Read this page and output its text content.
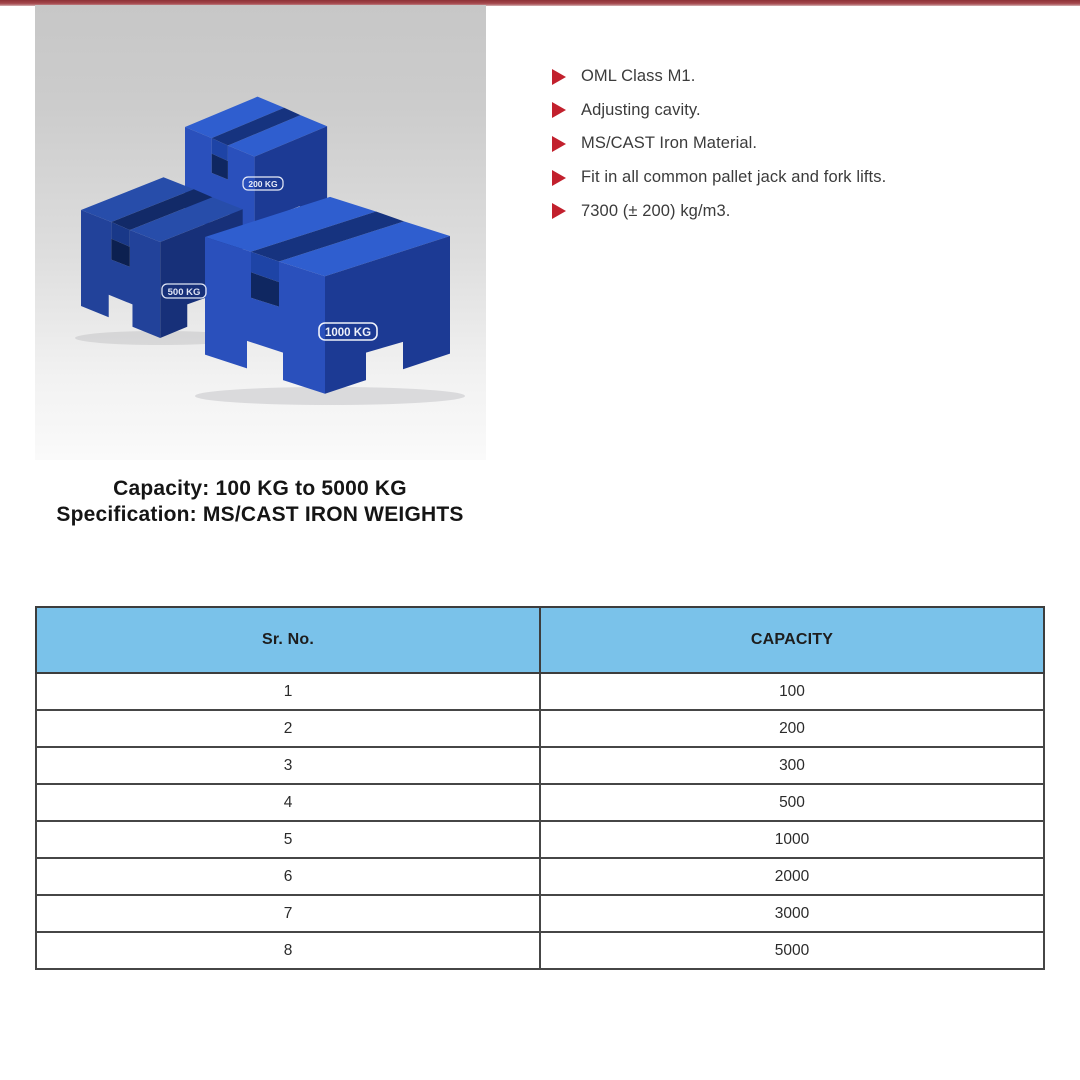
200 KG
500 KG
1000 KG
OML Class M1.
Adjusting cavity.
MS/CAST Iron Material.
Fit in all common pallet jack and fork lifts.
7300 (± 200) kg/m3.
Capacity: 100 KG to 5000 KG
Specification: MS/CAST IRON WEIGHTS
Sr. No.	CAPACITY
1	100
2	200
3	300
4	500
5	1000
6	2000
7	3000
8	5000
